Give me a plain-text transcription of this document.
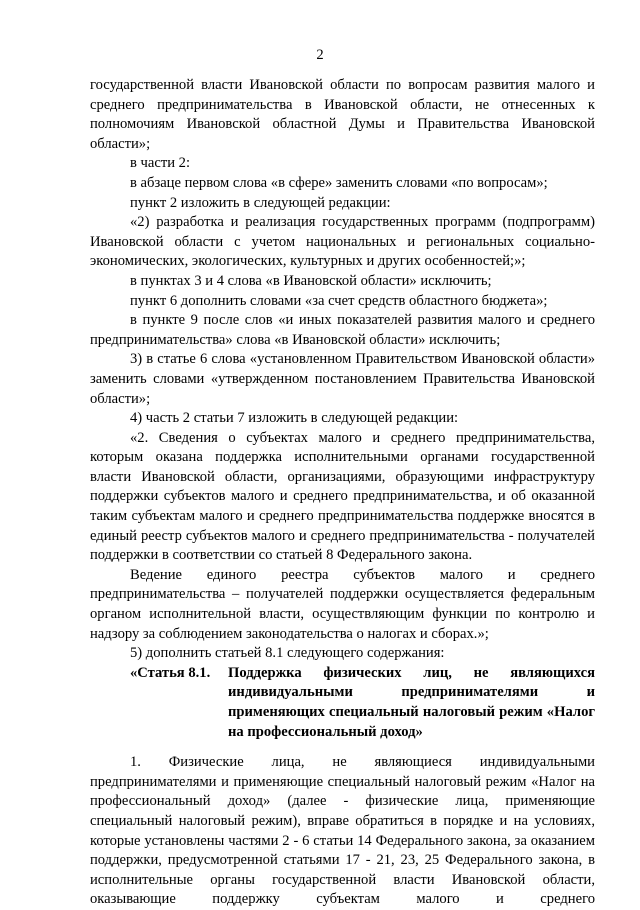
2

государственной власти Ивановской области по вопросам развития малого и среднего предпринимательства в Ивановской области, не отнесенных к полномочиям Ивановской областной Думы и Правительства Ивановской области»;

в части 2:

в абзаце первом слова «в сфере» заменить словами «по вопросам»;

пункт 2 изложить в следующей редакции:

«2) разработка и реализация государственных программ (подпрограмм) Ивановской области с учетом национальных и региональных социально-экономических, экологических, культурных и других особенностей;»;

в пунктах 3 и 4 слова «в Ивановской области» исключить;

пункт 6 дополнить словами «за счет средств областного бюджета»;

в пункте 9 после слов «и иных показателей развития малого и среднего предпринимательства» слова «в Ивановской области» исключить;

3) в статье 6 слова «установленном Правительством Ивановской области» заменить словами «утвержденном постановлением Правительства Ивановской области»;

4) часть 2 статьи 7 изложить в следующей редакции:

«2. Сведения о субъектах малого и среднего предпринимательства, которым оказана поддержка исполнительными органами государственной власти Ивановской области, организациями, образующими инфраструктуру поддержки субъектов малого и среднего предпринимательства, и об оказанной таким субъектам малого и среднего предпринимательства поддержке вносятся в единый реестр субъектов малого и среднего предпринимательства - получателей поддержки в соответствии со статьей 8 Федерального закона.

Ведение единого реестра субъектов малого и среднего предпринимательства – получателей поддержки осуществляется федеральным органом исполнительной власти, осуществляющим функции по контролю и надзору за соблюдением законодательства о налогах и сборах.»;

5) дополнить статьей 8.1 следующего содержания:

«Статья 8.1.	Поддержка физических лиц, не являющихся индивидуальными предпринимателями и применяющих специальный налоговый режим «Налог на профессиональный доход»

1. Физические лица, не являющиеся индивидуальными предпринимателями и применяющие специальный налоговый режим «Налог на профессиональный доход» (далее - физические лица, применяющие специальный налоговый режим), вправе обратиться в порядке и на условиях, которые установлены частями 2 - 6 статьи 14 Федерального закона, за оказанием поддержки, предусмотренной статьями 17 - 21, 23, 25 Федерального закона, в исполнительные органы государственной власти Ивановской области, оказывающие поддержку субъектам малого и среднего
